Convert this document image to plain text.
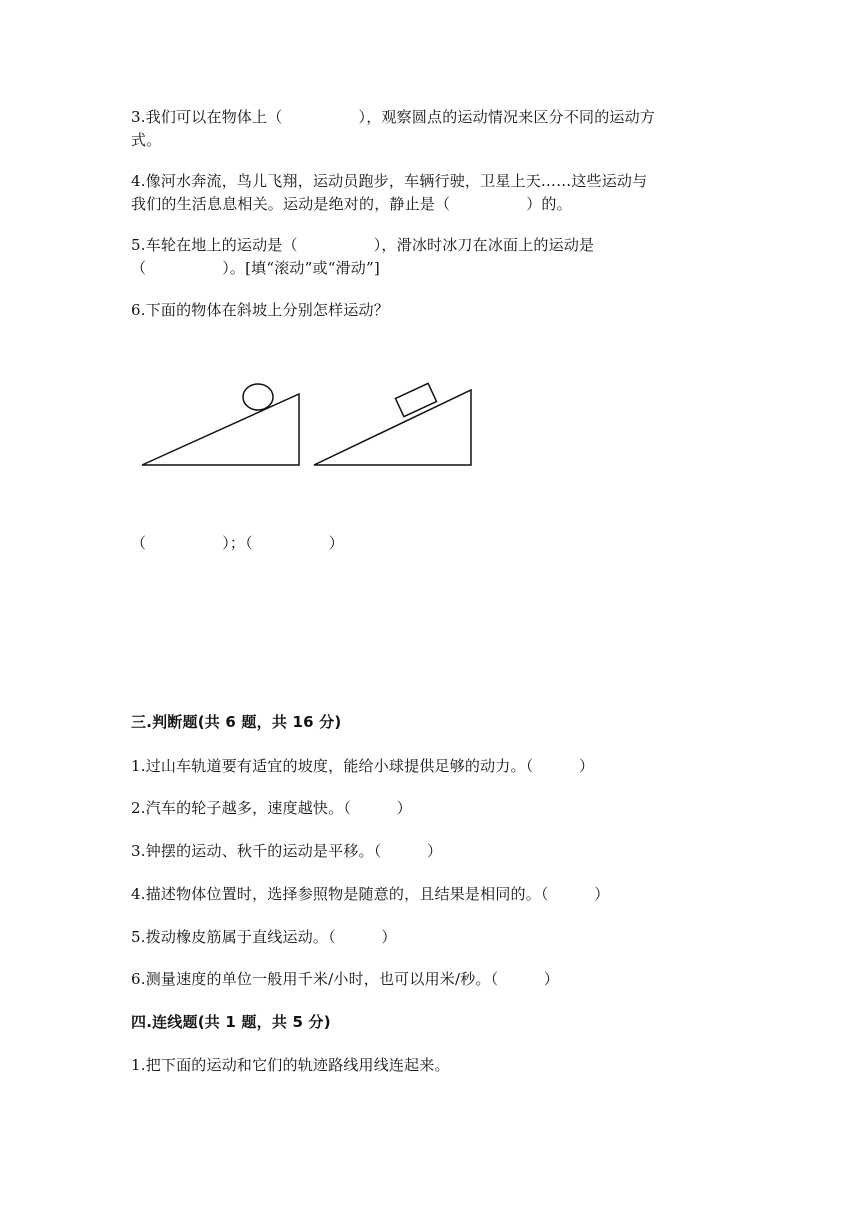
3.我们可以在物体上（　　　　　），观察圆点的运动情况来区分不同的运动方
式。
4.像河水奔流，鸟儿飞翔，运动员跑步，车辆行驶，卫星上天……这些运动与
我们的生活息息相关。运动是绝对的，静止是（　　　　　）的。
5.车轮在地上的运动是（　　　　　），滑冰时冰刀在冰面上的运动是
（　　　　　）。[填“滚动”或“滑动”]
6.下面的物体在斜坡上分别怎样运动？
（　　　　　）；（　　　　　）
三.判断题(共 6 题，共 16 分)
1.过山车轨道要有适宜的坡度，能给小球提供足够的动力。（　　　）
2.汽车的轮子越多，速度越快。（　　　）
3.钟摆的运动、秋千的运动是平移。（　　　）
4.描述物体位置时，选择参照物是随意的，且结果是相同的。（　　　）
5.拨动橡皮筋属于直线运动。（　　　）
6.测量速度的单位一般用千米/小时，也可以用米/秒。（　　　）
四.连线题(共 1 题，共 5 分)
1.把下面的运动和它们的轨迹路线用线连起来。
